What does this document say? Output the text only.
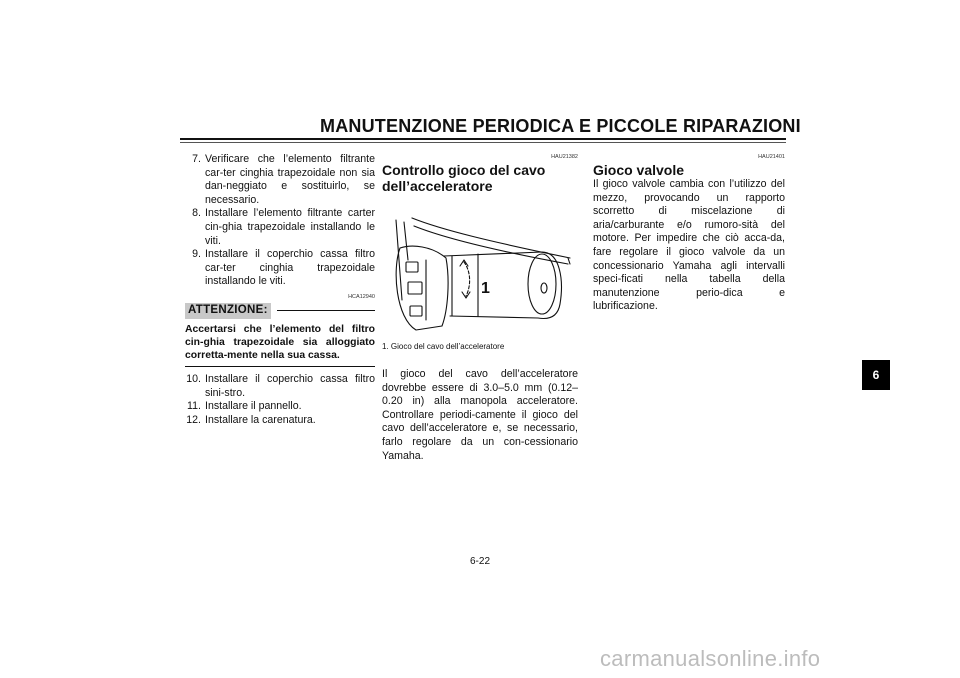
MANUTENZIONE PERIODICA E PICCOLE RIPARAZIONI
7. Verificare che l’elemento filtrante car-ter cinghia trapezoidale non sia dan-neggiato e sostituirlo, se necessario.
8. Installare l’elemento filtrante carter cin-ghia trapezoidale installando le viti.
9. Installare il coperchio cassa filtro car-ter cinghia trapezoidale installando le viti.
HCA12940
ATTENZIONE:
Accertarsi che l’elemento del filtro cin-ghia trapezoidale sia alloggiato corretta-mente nella sua cassa.
10. Installare il coperchio cassa filtro sini-stro.
11. Installare il pannello.
12. Installare la carenatura.
HAU21382
Controllo gioco del cavo dell’acceleratore
1
1. Gioco del cavo dell’acceleratore
Il gioco del cavo dell’acceleratore dovrebbe essere di 3.0–5.0 mm (0.12–0.20 in) alla manopola acceleratore. Controllare periodi-camente il gioco del cavo dell’acceleratore e, se necessario, farlo regolare da un con-cessionario Yamaha.
HAU21401
Gioco valvole
Il gioco valvole cambia con l’utilizzo del mezzo, provocando un rapporto scorretto di miscelazione di aria/carburante e/o rumoro-sità del motore. Per impedire che ciò acca-da, fare regolare il gioco valvole da un concessionario Yamaha agli intervalli speci-ficati nella tabella della manutenzione perio-dica e lubrificazione.
6
6-22
carmanualsonline.info
